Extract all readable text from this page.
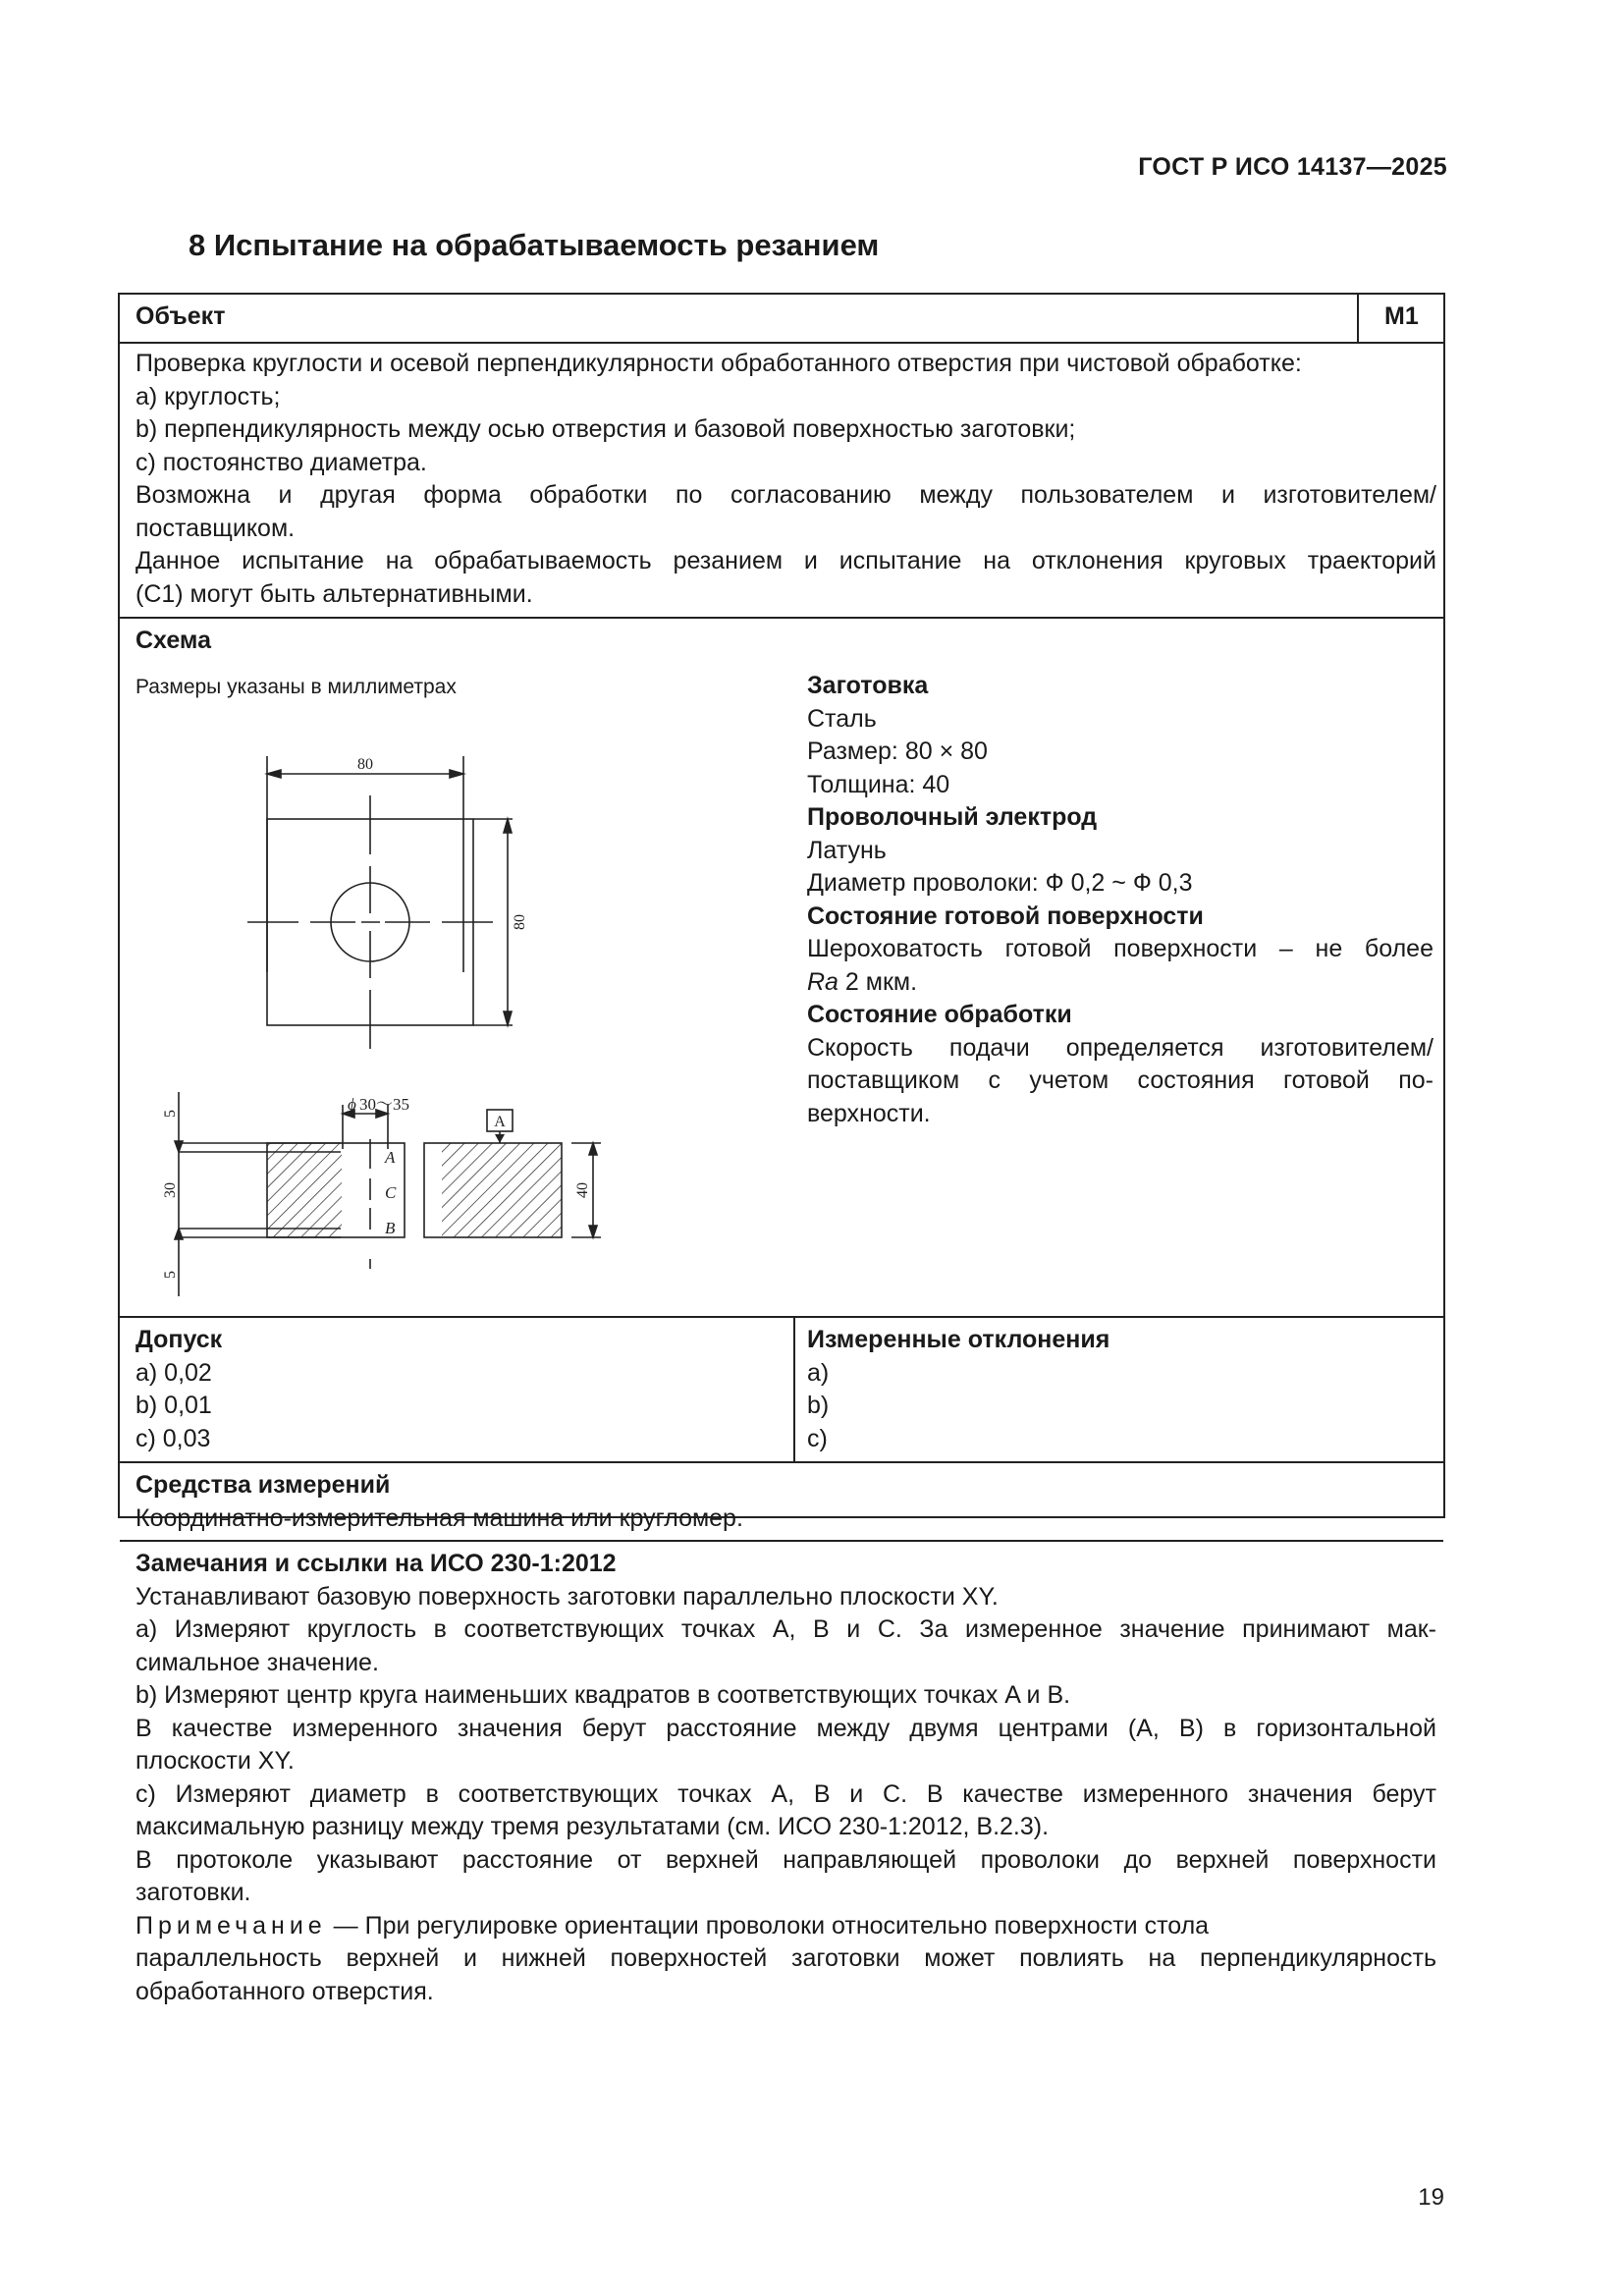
ГОСТ Р ИСО 14137—2025
8 Испытание на обрабатываемость резанием
Объект	М1
Проверка круглости и осевой перпендикулярности обработанного отверстия при чистовой обработке:
a) круглость;
b) перпендикулярность между осью отверстия и базовой поверхностью заготовки;
c) постоянство диаметра.
Возможна и другая форма обработки по согласованию между пользователем и изготовителем/
поставщиком.
Данное испытание на обрабатываемость резанием и испытание на отклонения круговых траекторий
(С1) могут быть альтернативными.
Схема
Размеры указаны в миллиметрах
80
80
ϕ 30～35
5
30
5
40
A
A
C
B
Заготовка
Сталь
Размер: 80 × 80
Толщина: 40
Проволочный электрод
Латунь
Диаметр проволоки: Ф 0,2 ~ Ф 0,3
Состояние готовой поверхности
Шероховатость готовой поверхности – не более
Ra 2 мкм.
Состояние обработки
Скорость подачи определяется изготовителем/
поставщиком с учетом состояния готовой по-
верхности.
Допуск
a) 0,02
b) 0,01
c) 0,03
Измеренные отклонения
a)
b)
c)
Средства измерений
Координатно-измерительная машина или кругломер.
Замечания и ссылки на ИСО 230-1:2012
Устанавливают базовую поверхность заготовки параллельно плоскости XY.
a) Измеряют круглость в соответствующих точках A, B и C. За измеренное значение принимают мак-
симальное значение.
b) Измеряют центр круга наименьших квадратов в соответствующих точках A и B.
В качестве измеренного значения берут расстояние между двумя центрами (A, B) в горизонтальной
плоскости XY.
c) Измеряют диаметр в соответствующих точках A, B и C. В качестве измеренного значения берут
максимальную разницу между тремя результатами (см. ИСО 230-1:2012, B.2.3).
В протоколе указывают расстояние от верхней направляющей проволоки до верхней поверхности
заготовки.
Примечание — При регулировке ориентации проволоки относительно поверхности стола
параллельность верхней и нижней поверхностей заготовки может повлиять на перпендикулярность
обработанного отверстия.
19
